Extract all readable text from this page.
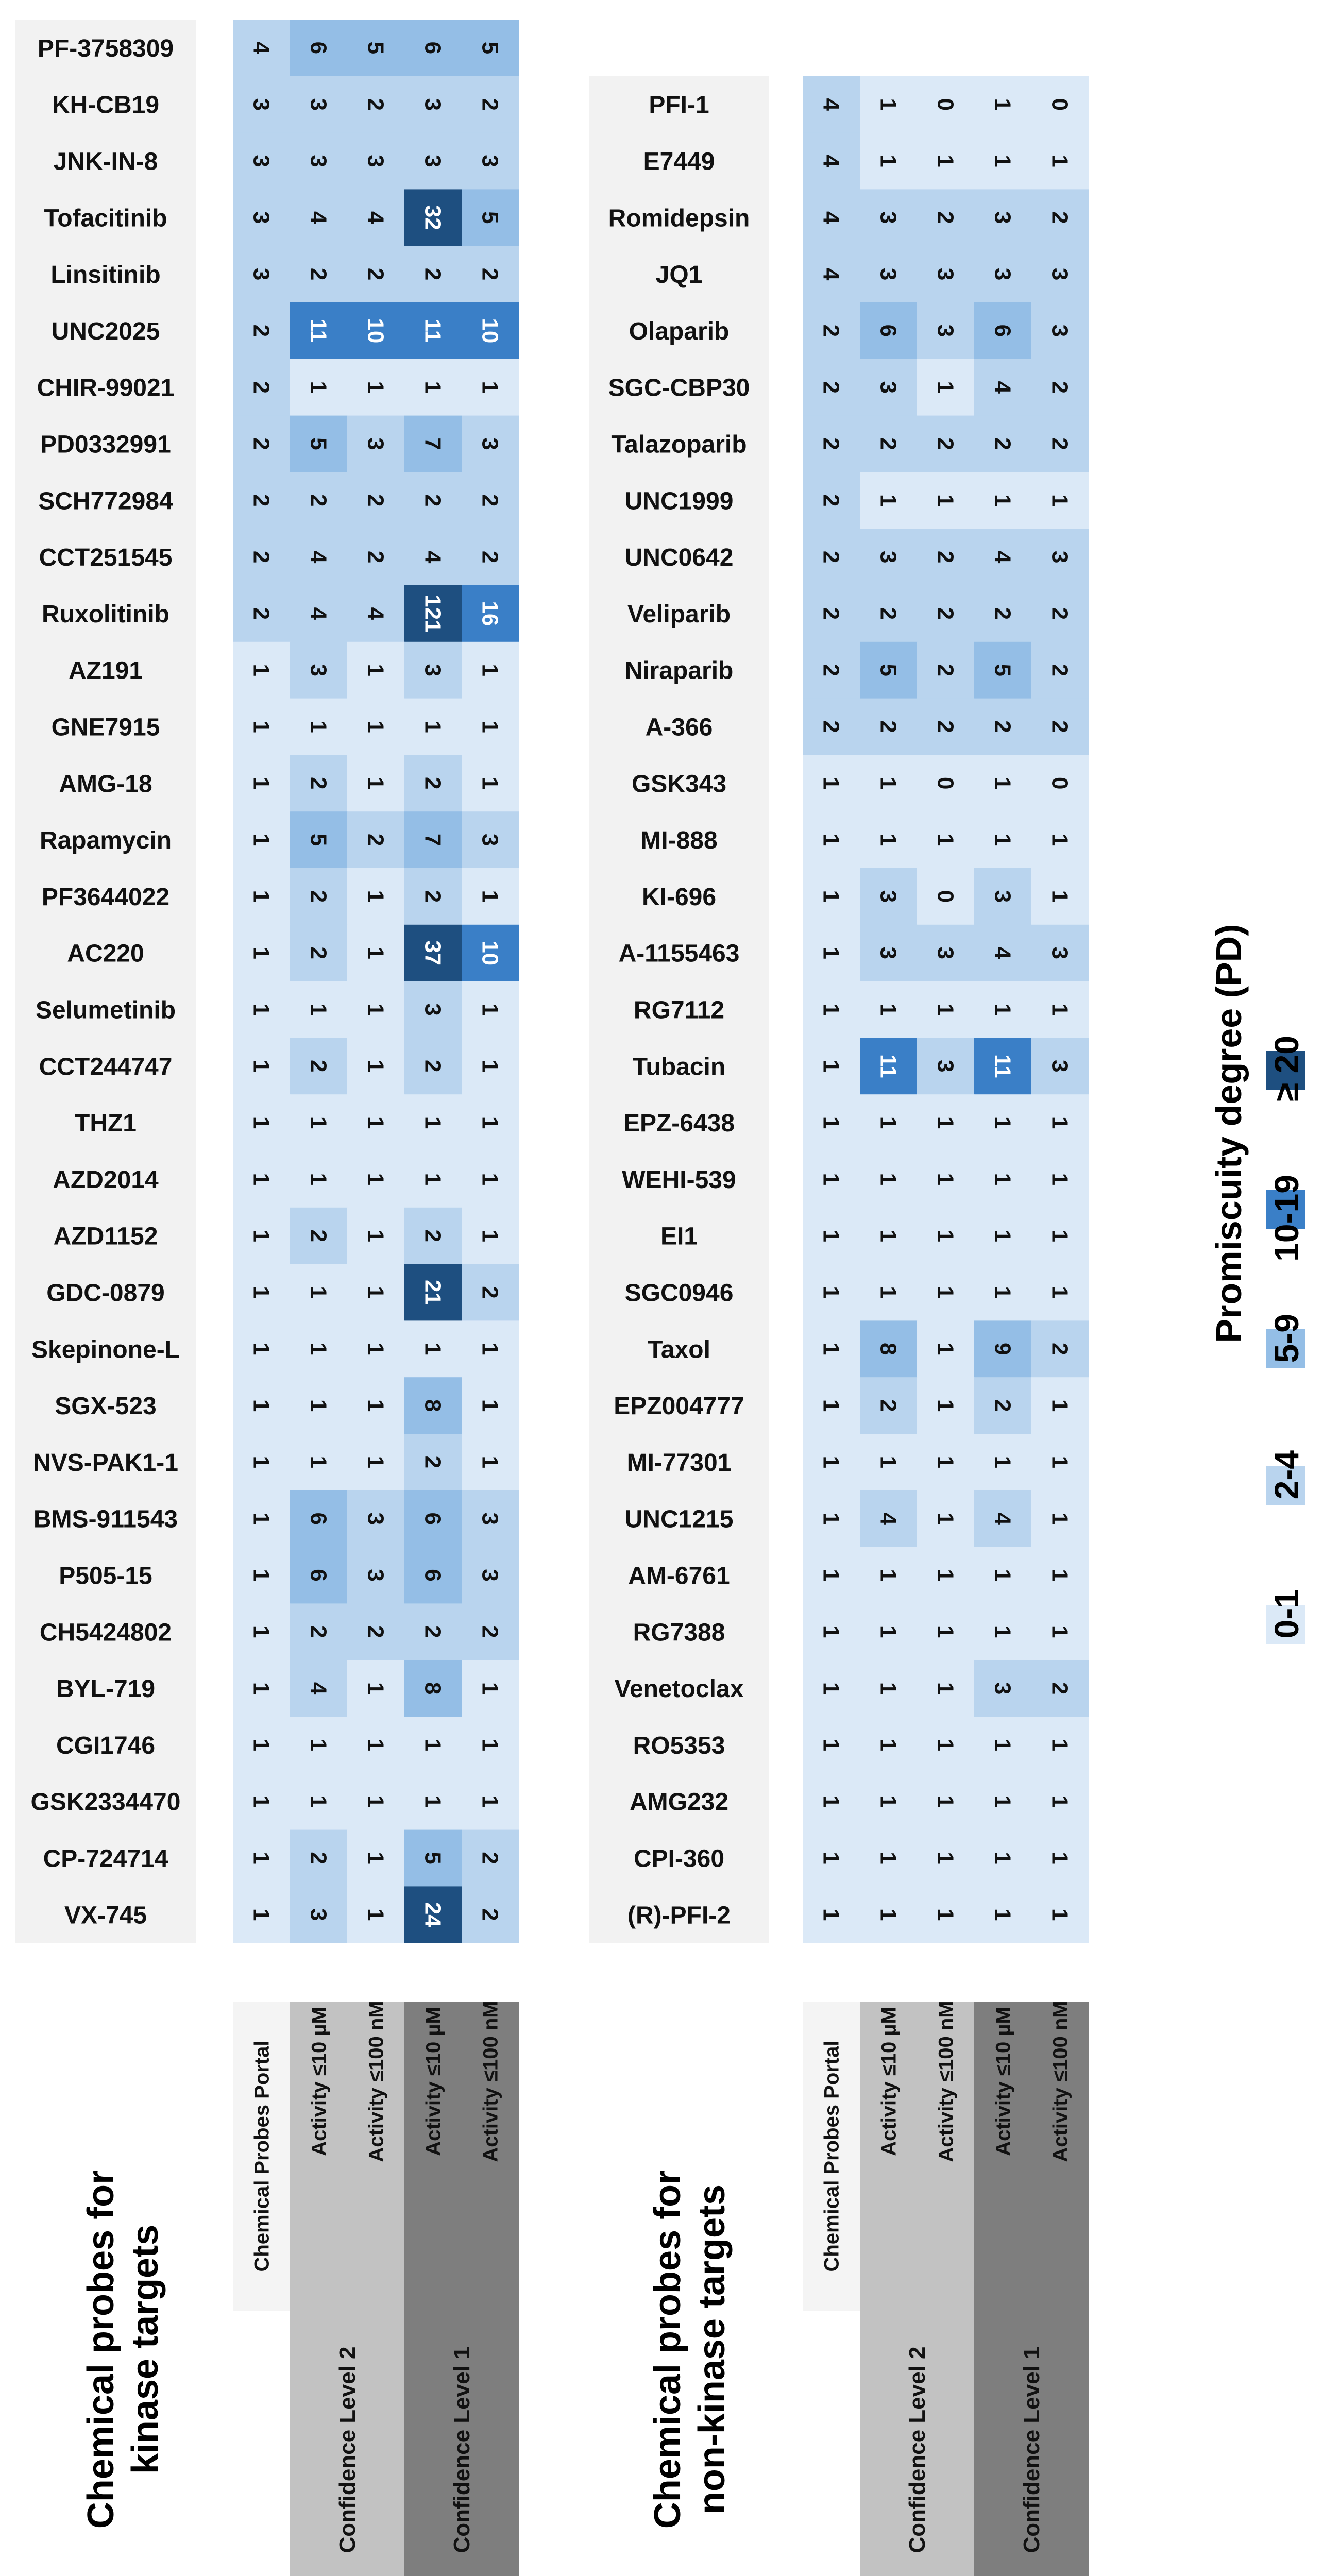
PF-3758309	4 6 5 6 5
KH-CB19	3 3 2 3 2
JNK-IN-8	3 3 3 3 3
Tofacitinib	3 4 4 32 5
Linsitinib	3 2 2 2 2
UNC2025	2 11 10 11 10
CHIR-99021	2 1 1 1 1
PD0332991	2 5 3 7 3
SCH772984	2 2 2 2 2
CCT251545	2 4 2 4 2
Ruxolitinib	2 4 4 121 16
AZ191	1 3 1 3 1
GNE7915	1 1 1 1 1
AMG-18	1 2 1 2 1
Rapamycin	1 5 2 7 3
PF3644022	1 2 1 2 1
AC220	1 2 1 37 10
Selumetinib	1 1 1 3 1
CCT244747	1 2 1 2 1
THZ1	1 1 1 1 1
AZD2014	1 1 1 1 1
AZD1152	1 2 1 2 1
GDC-0879	1 1 1 21 2
Skepinone-L	1 1 1 1 1
SGX-523	1 1 1 8 1
NVS-PAK1-1	1 1 1 2 1
BMS-911543	1 6 3 6 3
P505-15	1 6 3 6 3
CH5424802	1 2 2 2 2
BYL-719	1 4 1 8 1
CGI1746	1 1 1 1 1
GSK2334470	1 1 1 1 1
CP-724714	1 2 1 5 2
VX-745	1 3 1 24 2
Chemical Probes Portal Activity ≤10 µM Activity ≤100 nM Activity ≤10 µM Activity ≤100 nM
Confidence Level 2	Confidence Level 1
Chemical probes forkinase targets
PFI-1	4 1 0 1 0
E7449	4 1 1 1 1
Romidepsin	4 3 2 3 2
JQ1	4 3 3 3 3
Olaparib	2 6 3 6 3
SGC-CBP30	2 3 1 4 2
Talazoparib	2 2 2 2 2
UNC1999	2 1 1 1 1
UNC0642	2 3 2 4 3
Veliparib	2 2 2 2 2
Niraparib	2 5 2 5 2
A-366	2 2 2 2 2
GSK343	1 1 0 1 0
MI-888	1 1 1 1 1
KI-696	1 3 0 3 1
A-1155463	1 3 3 4 3
RG7112	1 1 1 1 1
Tubacin	1 11 3 11 3
EPZ-6438	1 1 1 1 1
WEHI-539	1 1 1 1 1
EI1	1 1 1 1 1
SGC0946	1 1 1 1 1
Taxol	1 8 1 9 2
EPZ004777	1 2 1 2 1
MI-77301	1 1 1 1 1
UNC1215	1 4 1 4 1
AM-6761	1 1 1 1 1
RG7388	1 1 1 1 1
Venetoclax	1 1 1 3 2
RO5353	1 1 1 1 1
AMG232	1 1 1 1 1
CPI-360	1 1 1 1 1
(R)-PFI-2	1 1 1 1 1
Chemical Probes Portal Activity ≤10 µM Activity ≤100 nM Activity ≤10 µM Activity ≤100 nM
Confidence Level 2	Confidence Level 1
Chemical probes fornon-kinase targets
Promiscuity degree (PD)
0-1
2-4
5-9
10-19
≥ 20
